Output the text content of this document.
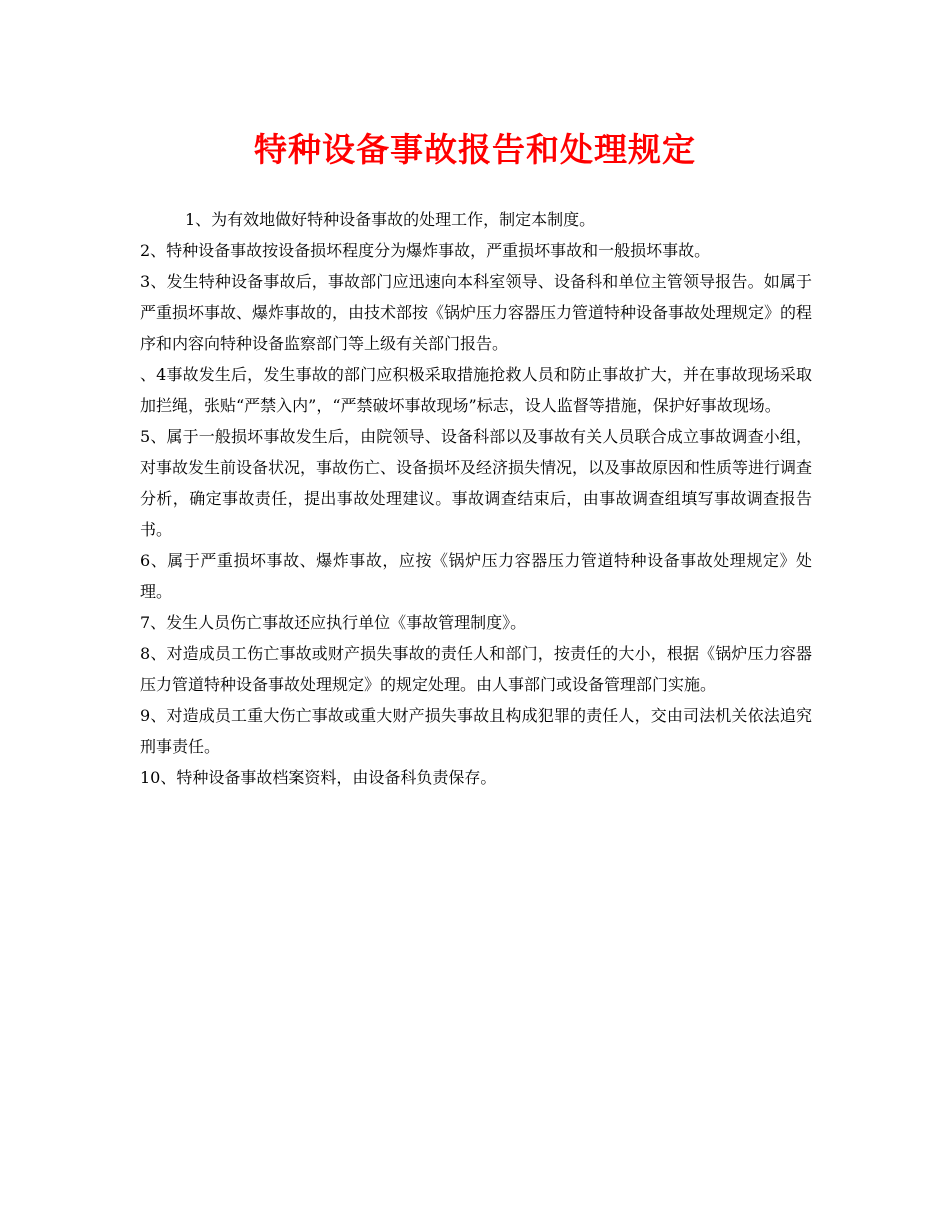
特种设备事故报告和处理规定

1、为有效地做好特种设备事故的处理工作，制定本制度。

2、特种设备事故按设备损坏程度分为爆炸事故，严重损坏事故和一般损坏事故。

3、发生特种设备事故后，事故部门应迅速向本科室领导、设备科和单位主管领导报告。如属于严重损坏事故、爆炸事故的，由技术部按《锅炉压力容器压力管道特种设备事故处理规定》的程序和内容向特种设备监察部门等上级有关部门报告。

、4事故发生后，发生事故的部门应积极采取措施抢救人员和防止事故扩大，并在事故现场采取加拦绳，张贴“严禁入内”，“严禁破坏事故现场”标志，设人监督等措施，保护好事故现场。

5、属于一般损坏事故发生后，由院领导、设备科部以及事故有关人员联合成立事故调查小组，对事故发生前设备状况，事故伤亡、设备损坏及经济损失情况，以及事故原因和性质等进行调查分析，确定事故责任，提出事故处理建议。事故调查结束后，由事故调查组填写事故调查报告书。

6、属于严重损坏事故、爆炸事故，应按《锅炉压力容器压力管道特种设备事故处理规定》处理。

7、发生人员伤亡事故还应执行单位《事故管理制度》。

8、对造成员工伤亡事故或财产损失事故的责任人和部门，按责任的大小，根据《锅炉压力容器压力管道特种设备事故处理规定》的规定处理。由人事部门或设备管理部门实施。

9、对造成员工重大伤亡事故或重大财产损失事故且构成犯罪的责任人，交由司法机关依法追究刑事责任。

10、特种设备事故档案资料，由设备科负责保存。
